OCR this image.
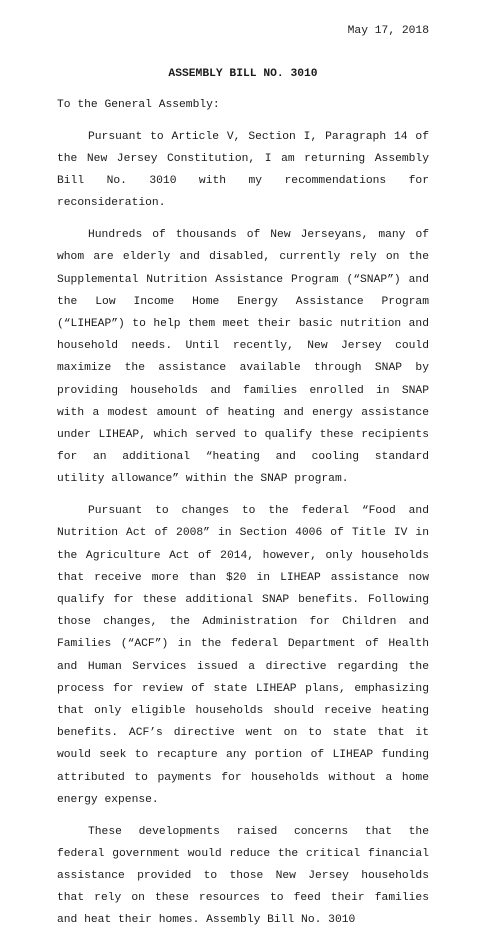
May 17, 2018
ASSEMBLY BILL NO. 3010

To the General Assembly:

Pursuant to Article V, Section I, Paragraph 14 of the New Jersey Constitution, I am returning Assembly Bill No. 3010 with my recommendations for reconsideration.

Hundreds of thousands of New Jerseyans, many of whom are elderly and disabled, currently rely on the Supplemental Nutrition Assistance Program (“SNAP”) and the Low Income Home Energy Assistance Program (“LIHEAP”) to help them meet their basic nutrition and household needs. Until recently, New Jersey could maximize the assistance available through SNAP by providing households and families enrolled in SNAP with a modest amount of heating and energy assistance under LIHEAP, which served to qualify these recipients for an additional “heating and cooling standard utility allowance” within the SNAP program.

Pursuant to changes to the federal “Food and Nutrition Act of 2008” in Section 4006 of Title IV in the Agriculture Act of 2014, however, only households that receive more than $20 in LIHEAP assistance now qualify for these additional SNAP benefits. Following those changes, the Administration for Children and Families (“ACF”) in the federal Department of Health and Human Services issued a directive regarding the process for review of state LIHEAP plans, emphasizing that only eligible households should receive heating benefits. ACF’s directive went on to state that it would seek to recapture any portion of LIHEAP funding attributed to payments for households without a home energy expense.

These developments raised concerns that the federal government would reduce the critical financial assistance provided to those New Jersey households that rely on these resources to feed their families and heat their homes. Assembly Bill No. 3010
